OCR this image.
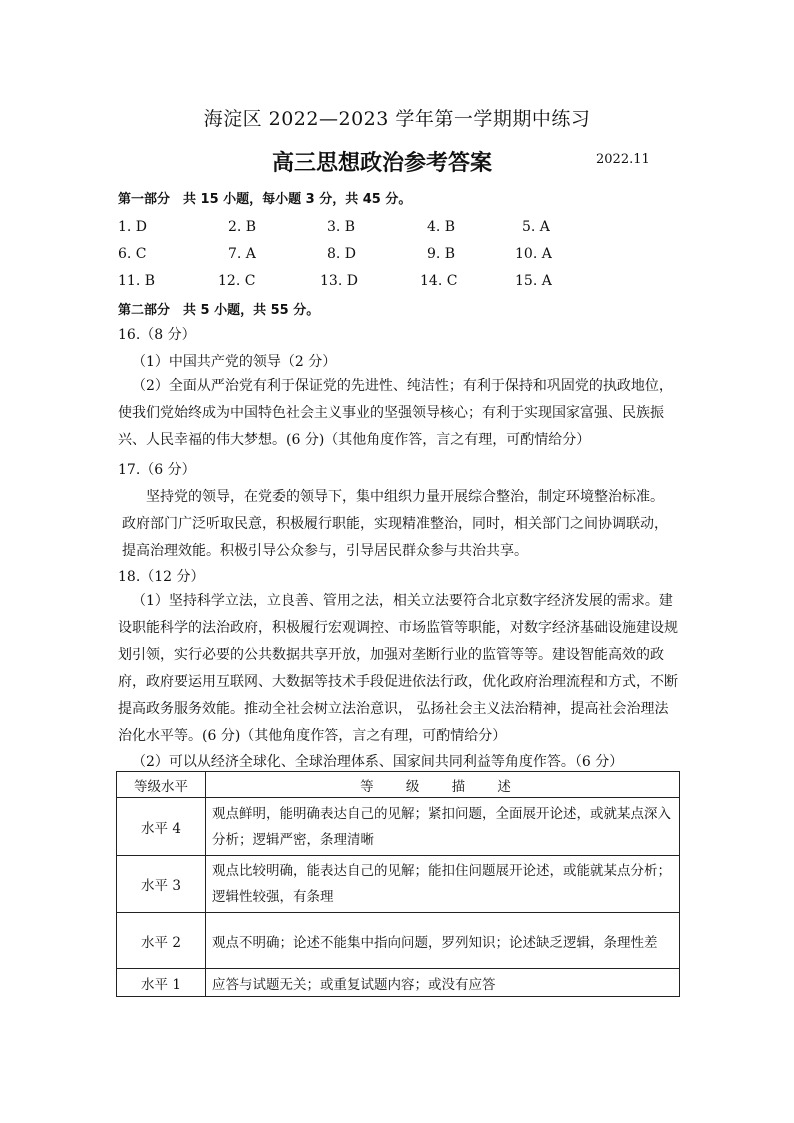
海淀区 2022—2023 学年第一学期期中练习
高三思想政治参考答案	2022.11
第一部分　共 15 小题，每小题 3 分，共 45 分。
1. D	2. B	3. B	4. B	5. A
6. C	7. A	8. D	9. B	10. A
11. B	12. C	13. D	14. C	15. A
第二部分　共 5 小题，共 55 分。
16.（8 分）
（1）中国共产党的领导（2 分）
（2）全面从严治党有利于保证党的先进性、纯洁性；有利于保持和巩固党的执政地位，使我们党始终成为中国特色社会主义事业的坚强领导核心；有利于实现国家富强、民族振兴、人民幸福的伟大梦想。(6 分)（其他角度作答，言之有理，可酌情给分）
17.（6 分）
坚持党的领导，在党委的领导下，集中组织力量开展综合整治，制定环境整治标准。
政府部门广泛听取民意，积极履行职能，实现精准整治，同时，相关部门之间协调联动，
提高治理效能。积极引导公众参与，引导居民群众参与共治共享。
18.（12 分）
（1）坚持科学立法，立良善、管用之法，相关立法要符合北京数字经济发展的需求。建设职能科学的法治政府，积极履行宏观调控、市场监管等职能，对数字经济基础设施建设规划引领，实行必要的公共数据共享开放，加强对垄断行业的监管等等。建设智能高效的政府，政府要运用互联网、大数据等技术手段促进依法行政，优化政府治理流程和方式，不断提高政务服务效能。推动全社会树立法治意识， 弘扬社会主义法治精神，提高社会治理法治化水平等。(6 分)（其他角度作答，言之有理，可酌情给分）
（2）可以从经济全球化、全球治理体系、国家间共同利益等角度作答。（6 分）
等级水平	等 级 描 述
水平 4	观点鲜明，能明确表达自己的见解；紧扣问题，全面展开论述，或就某点深入分析；逻辑严密，条理清晰
水平 3	观点比较明确，能表达自己的见解；能扣住问题展开论述，或能就某点分析；逻辑性较强，有条理
水平 2	观点不明确；论述不能集中指向问题，罗列知识；论述缺乏逻辑，条理性差
水平 1	应答与试题无关；或重复试题内容；或没有应答
